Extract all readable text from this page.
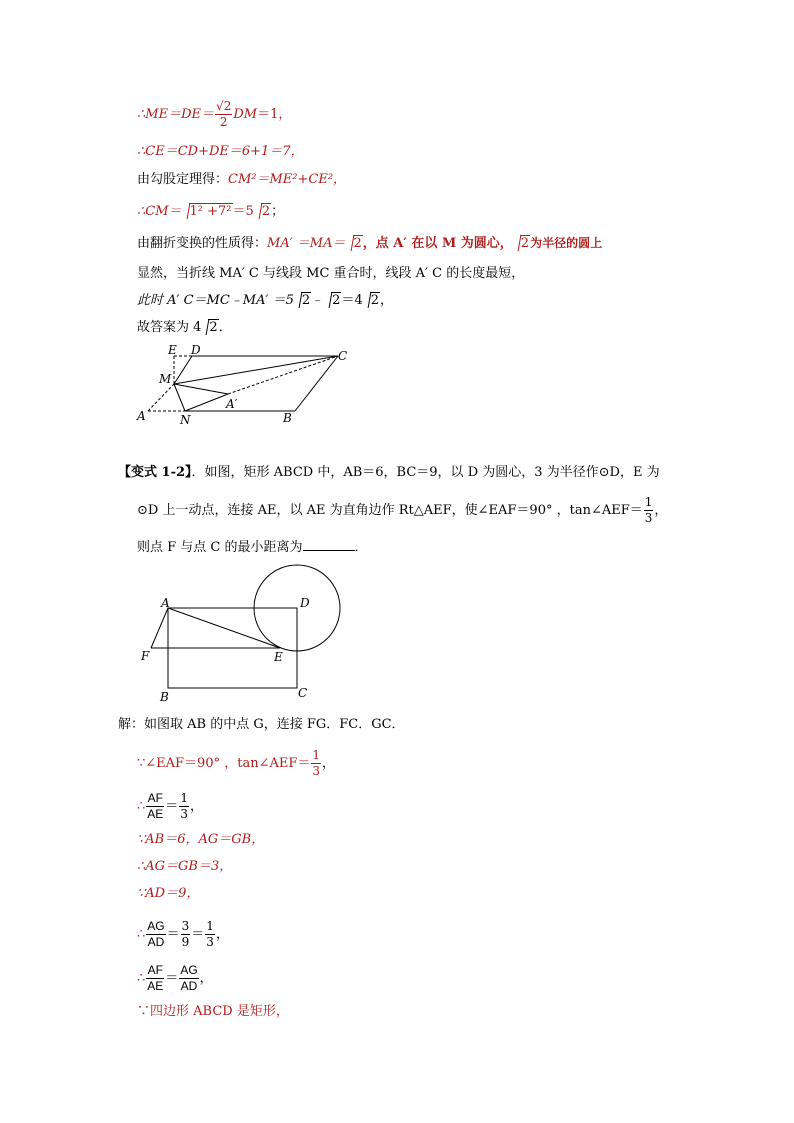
∴ME＝DE＝ $\frac{√2}{2} DM=1$，
∴CE＝CD+DE＝6+1＝7，
由勾股定理得：CM²＝ME²+CE²，
∴CM＝ 1² +7²＝5 2；
由翻折变换的性质得：MA′ ＝MA＝ 2，点 A′ 在以 M 为圆心， 2为半径的圆上
显然，当折线 MA′ C 与线段 MC 重合时，线段 A′ C 的长度最短，
此时 A′ C＝MC﹣MA′ ＝5 2﹣ 2＝4 2，
故答案为 4 2．
E D	C
M
A	N	B
A′
【变式 1-2】．如图，矩形 ABCD 中，AB＝6，BC＝9，以 D 为圆心，3 为半径作⊙D，E 为
⊙D 上一动点，连接 AE，以 AE 为直角边作 Rt△AEF，使∠EAF＝90° ，tan∠AEF＝ $\frac{1}{3}$ ，
则点 F 与点 C 的最小距离为	．
A	D
F	E
B	C
解：如图取 AB 的中点 G，连接 FG．FC．GC．
∵∠EAF＝90° ，tan∠AEF＝ $\frac{1}{3}$ ，
∴ $\frac{AF}{AE} = \frac{1}{3}$ ，
∵AB＝6，AG＝GB，
∴AG＝GB＝3，
∵AD＝9，
∴ $\frac{AG}{AD} = \frac{3}{9} = \frac{1}{3}$ ，
∴ $\frac{AF}{AE} = \frac{AG}{AD}$ ，
∵四边形 ABCD 是矩形，
